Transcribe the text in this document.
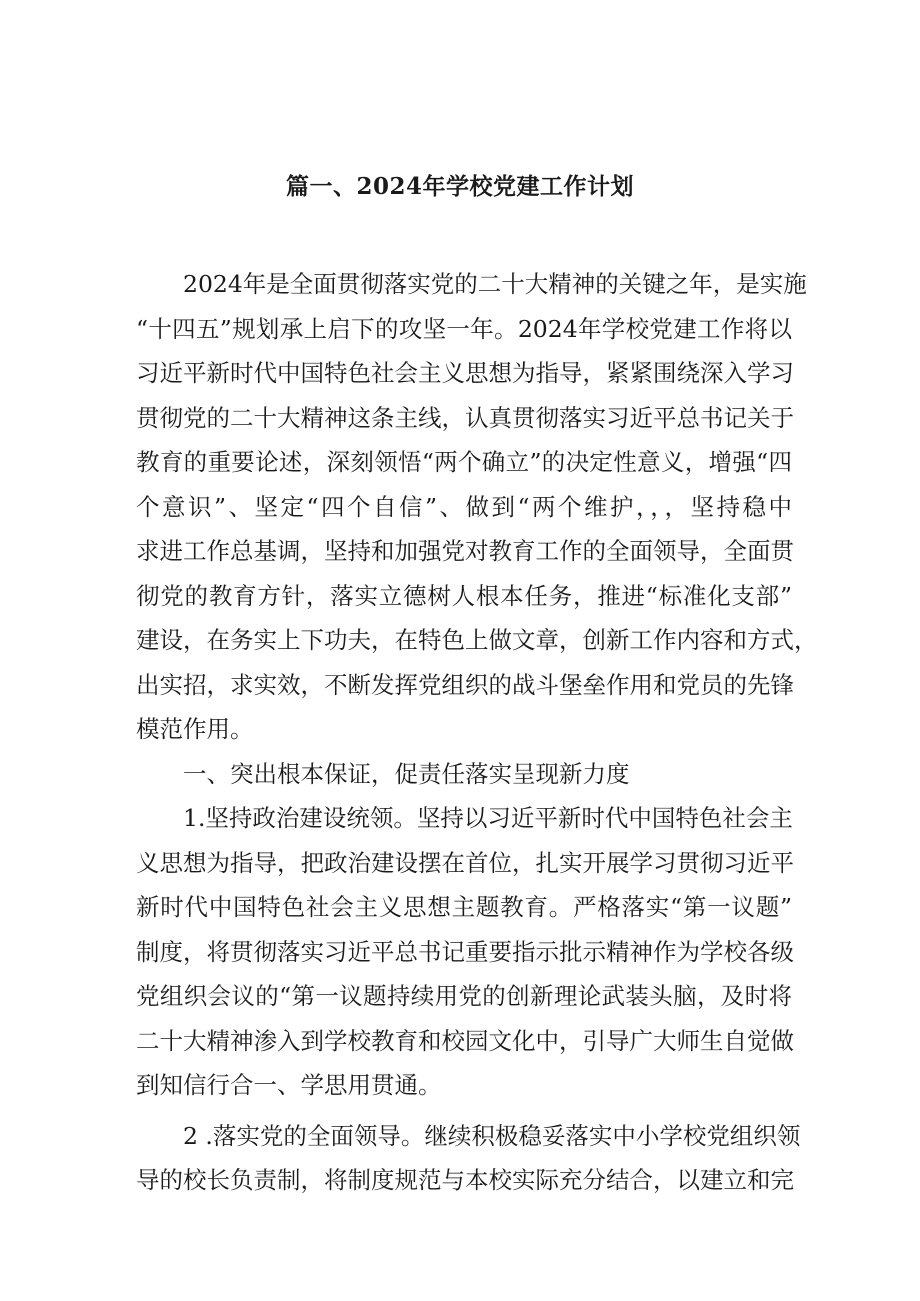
篇一、2024年学校党建工作计划
　　2024年是全面贯彻落实党的二十大精神的关键之年，是实施
“十四五”规划承上启下的攻坚一年。2024年学校党建工作将以
习近平新时代中国特色社会主义思想为指导，紧紧围绕深入学习
贯彻党的二十大精神这条主线，认真贯彻落实习近平总书记关于
教育的重要论述，深刻领悟“两个确立”的决定性意义，增强“四
个意识”、坚定“四个自信”、做到“两个维护，，，坚持稳中
求进工作总基调，坚持和加强党对教育工作的全面领导，全面贯
彻党的教育方针，落实立德树人根本任务，推进“标准化支部”
建设，在务实上下功夫，在特色上做文章，创新工作内容和方式，
出实招，求实效，不断发挥党组织的战斗堡垒作用和党员的先锋
模范作用。
　　一、突出根本保证，促责任落实呈现新力度
　　1.坚持政治建设统领。坚持以习近平新时代中国特色社会主
义思想为指导，把政治建设摆在首位，扎实开展学习贯彻习近平
新时代中国特色社会主义思想主题教育。严格落实“第一议题”
制度，将贯彻落实习近平总书记重要指示批示精神作为学校各级
党组织会议的“第一议题持续用党的创新理论武装头脑，及时将
二十大精神渗入到学校教育和校园文化中，引导广大师生自觉做
到知信行合一、学思用贯通。
　　2 .落实党的全面领导。继续积极稳妥落实中小学校党组织领
导的校长负责制，将制度规范与本校实际充分结合，以建立和完
